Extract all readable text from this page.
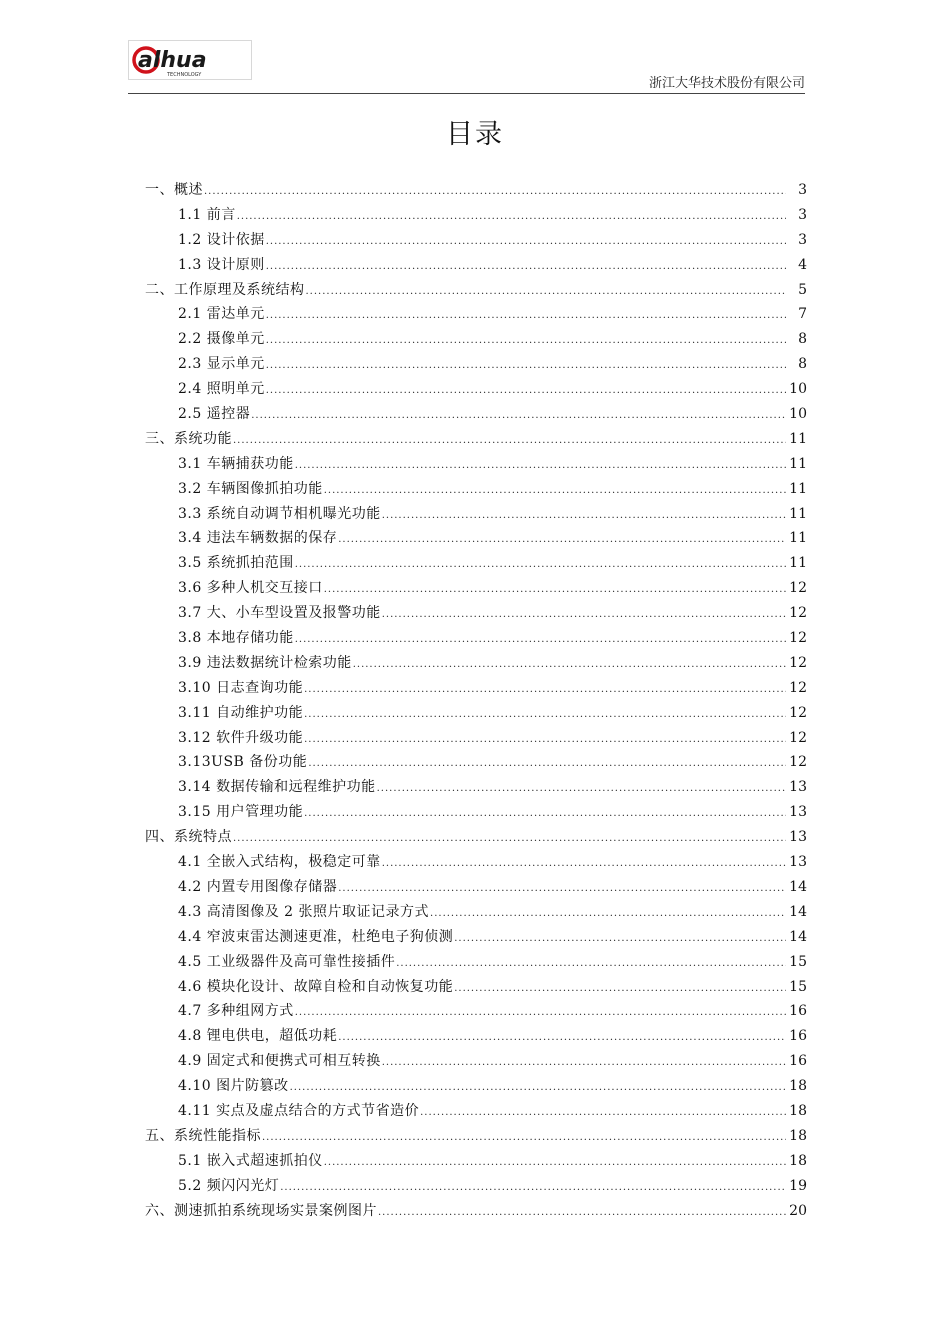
alhua
TECHNOLOGY
浙江大华技术股份有限公司
目录
一、概述 .....	3
1.1 前言 .....	3
1.2 设计依据 .....	3
1.3 设计原则 .....	4
二、工作原理及系统结构 .....	5
2.1 雷达单元 .....	7
2.2 摄像单元 .....	8
2.3 显示单元 .....	8
2.4 照明单元 .....	10
2.5 遥控器 .....	10
三、系统功能 .....	11
3.1 车辆捕获功能 .....	11
3.2 车辆图像抓拍功能 .....	11
3.3 系统自动调节相机曝光功能 .....	11
3.4 违法车辆数据的保存 .....	11
3.5 系统抓拍范围 .....	11
3.6 多种人机交互接口 .....	12
3.7 大、小车型设置及报警功能 .....	12
3.8 本地存储功能 .....	12
3.9 违法数据统计检索功能 .....	12
3.10 日志查询功能 .....	12
3.11 自动维护功能 .....	12
3.12 软件升级功能 .....	12
3.13USB 备份功能 .....	12
3.14 数据传输和远程维护功能 .....	13
3.15 用户管理功能 .....	13
四、系统特点 .....	13
4.1 全嵌入式结构，极稳定可靠 .....	13
4.2 内置专用图像存储器 .....	14
4.3 高清图像及 2 张照片取证记录方式 .....	14
4.4 窄波束雷达测速更准，杜绝电子狗侦测 .....	14
4.5 工业级器件及高可靠性接插件 .....	15
4.6 模块化设计、故障自检和自动恢复功能 .....	15
4.7 多种组网方式 .....	16
4.8 锂电供电，超低功耗 .....	16
4.9 固定式和便携式可相互转换 .....	16
4.10 图片防篡改 .....	18
4.11 实点及虚点结合的方式节省造价 .....	18
五、系统性能指标 .....	18
5.1 嵌入式超速抓拍仪 .....	18
5.2 频闪闪光灯 .....	19
六、测速抓拍系统现场实景案例图片 .....	20
